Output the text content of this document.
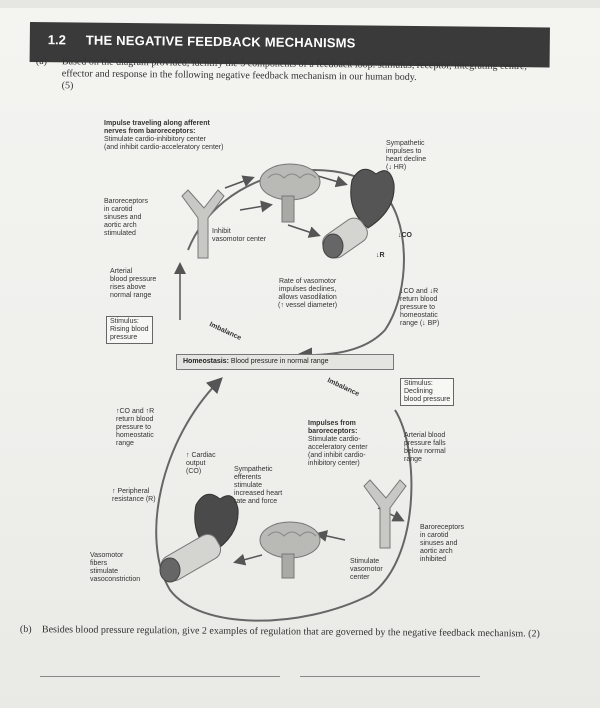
1.2 THE NEGATIVE FEEDBACK MECHANISMS
(a) Based on the diagram provided, identify the 5 components of a feedback loop: stimulus, receptor, integrating centre, effector and response in the following negative feedback mechanism in our human body.
(5)
Impulse traveling along afferent
nerves from baroreceptors:
Stimulate cardio-inhibitory center
(and inhibit cardio-acceleratory center)
Sympathetic
impulses to
heart decline
(↓ HR)
Baroreceptors
in carotid
sinuses and
aortic arch
stimulated	Inhibit
vasomotor center
↓CO
↓R
Arterial
blood pressure
rises above
normal range
Rate of vasomotor
impulses declines,
allows vasodilation
(↑ vessel diameter)
↓CO and ↓R
return blood
pressure to
homeostatic
range (↓ BP)
Stimulus:
Rising blood
pressure	Imbalance
Homeostasis: Blood pressure in normal range
Imbalance	Stimulus:
Declining
blood pressure
↑CO and ↑R
return blood
pressure to
homeostatic
range
Impulses from
baroreceptors:
Stimulate cardio-
acceleratory center
(and inhibit cardio-
inhibitory center)
Arterial blood
pressure falls
below normal
range
↑ Cardiac
output
(CO)	Sympathetic
efferents
stimulate
increased heart
rate and force
↑ Peripheral
resistance (R)
Baroreceptors
in carotid
sinuses and
aortic arch
inhibited
Vasomotor
fibers
stimulate
vasoconstriction
Stimulate
vasomotor
center
(b) Besides blood pressure regulation, give 2 examples of regulation that are governed by the negative feedback mechanism. (2)
